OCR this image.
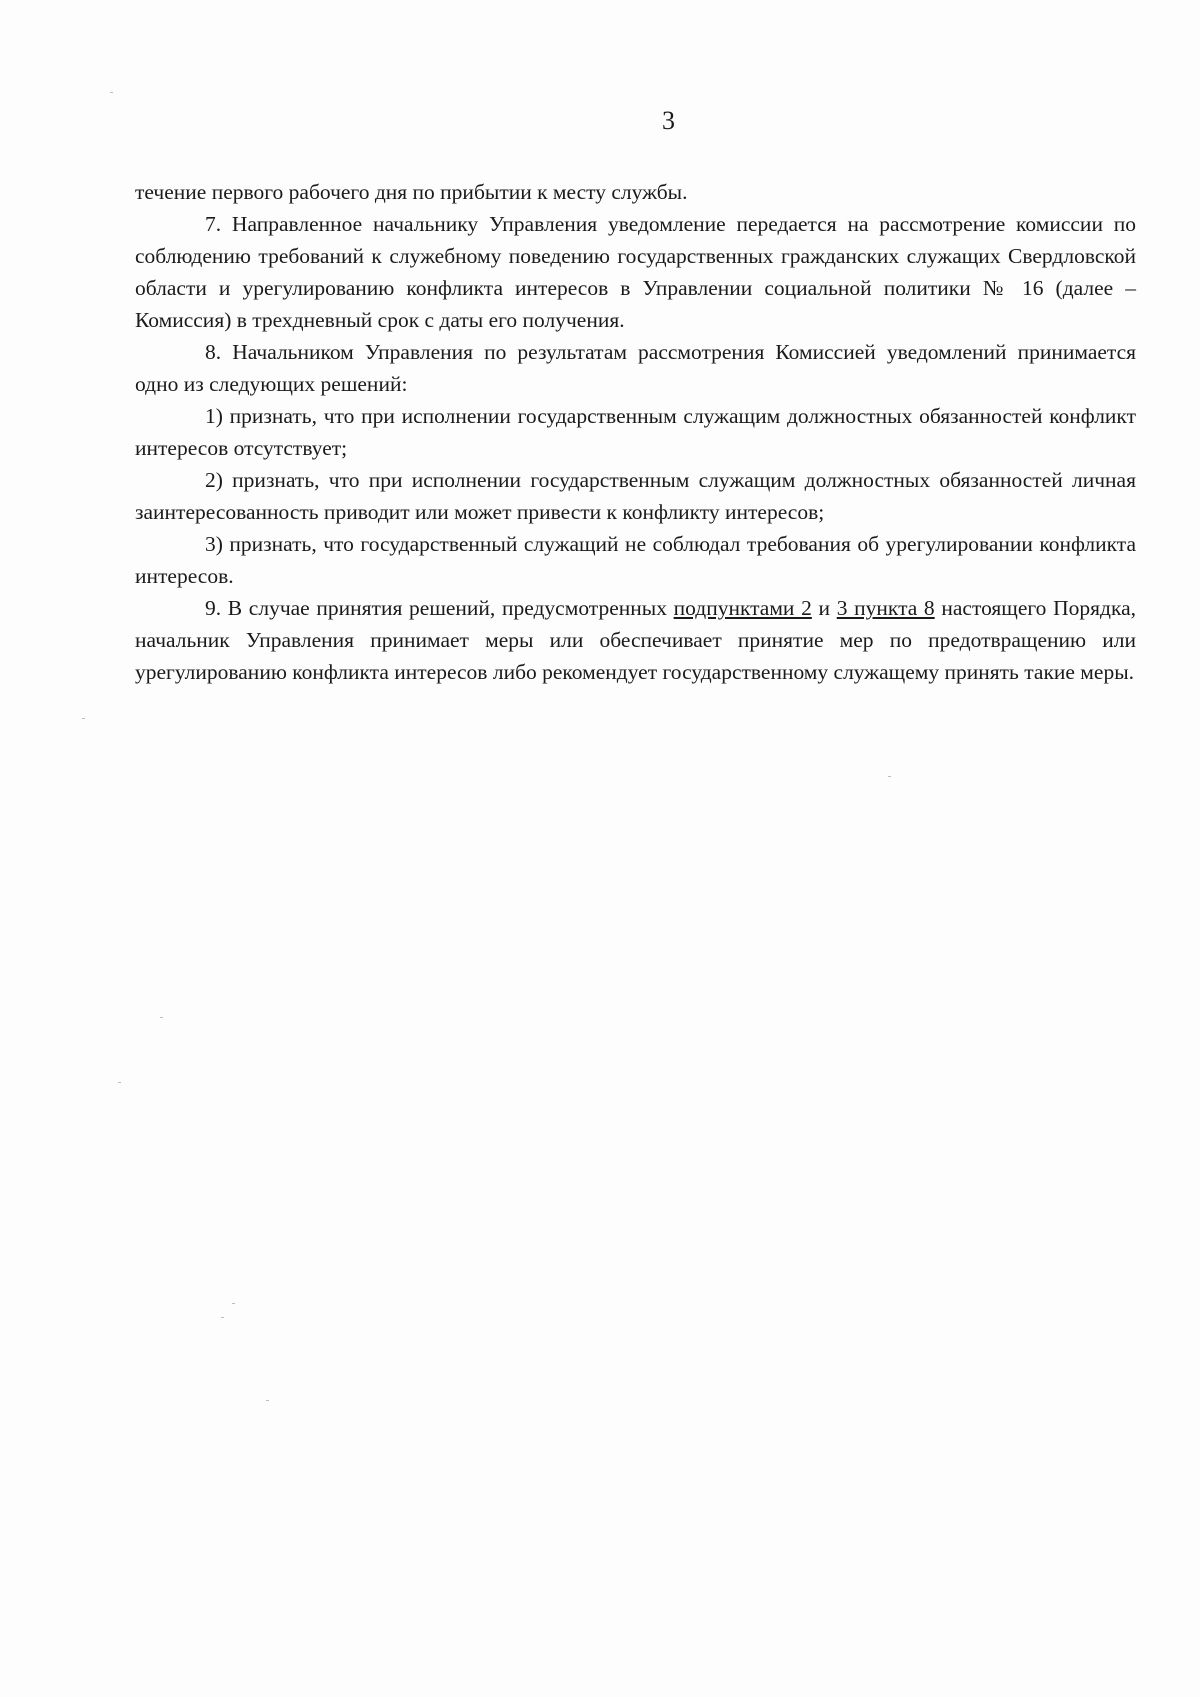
3

течение первого рабочего дня по прибытии к месту службы.

7. Направленное начальнику Управления уведомление передается на рассмотрение комиссии по соблюдению требований к служебному поведению государственных гражданских служащих Свердловской области и урегулированию конфликта интересов в Управлении социальной политики № 16 (далее – Комиссия) в трехдневный срок с даты его получения.

8. Начальником Управления по результатам рассмотрения Комиссией уведомлений принимается одно из следующих решений:

1) признать, что при исполнении государственным служащим должностных обязанностей конфликт интересов отсутствует;

2) признать, что при исполнении государственным служащим должностных обязанностей личная заинтересованность приводит или может привести к конфликту интересов;

3) признать, что государственный служащий не соблюдал требования об урегулировании конфликта интересов.

9. В случае принятия решений, предусмотренных подпунктами 2 и 3 пункта 8 настоящего Порядка, начальник Управления принимает меры или обеспечивает принятие мер по предотвращению или урегулированию конфликта интересов либо рекомендует государственному служащему принять такие меры.
